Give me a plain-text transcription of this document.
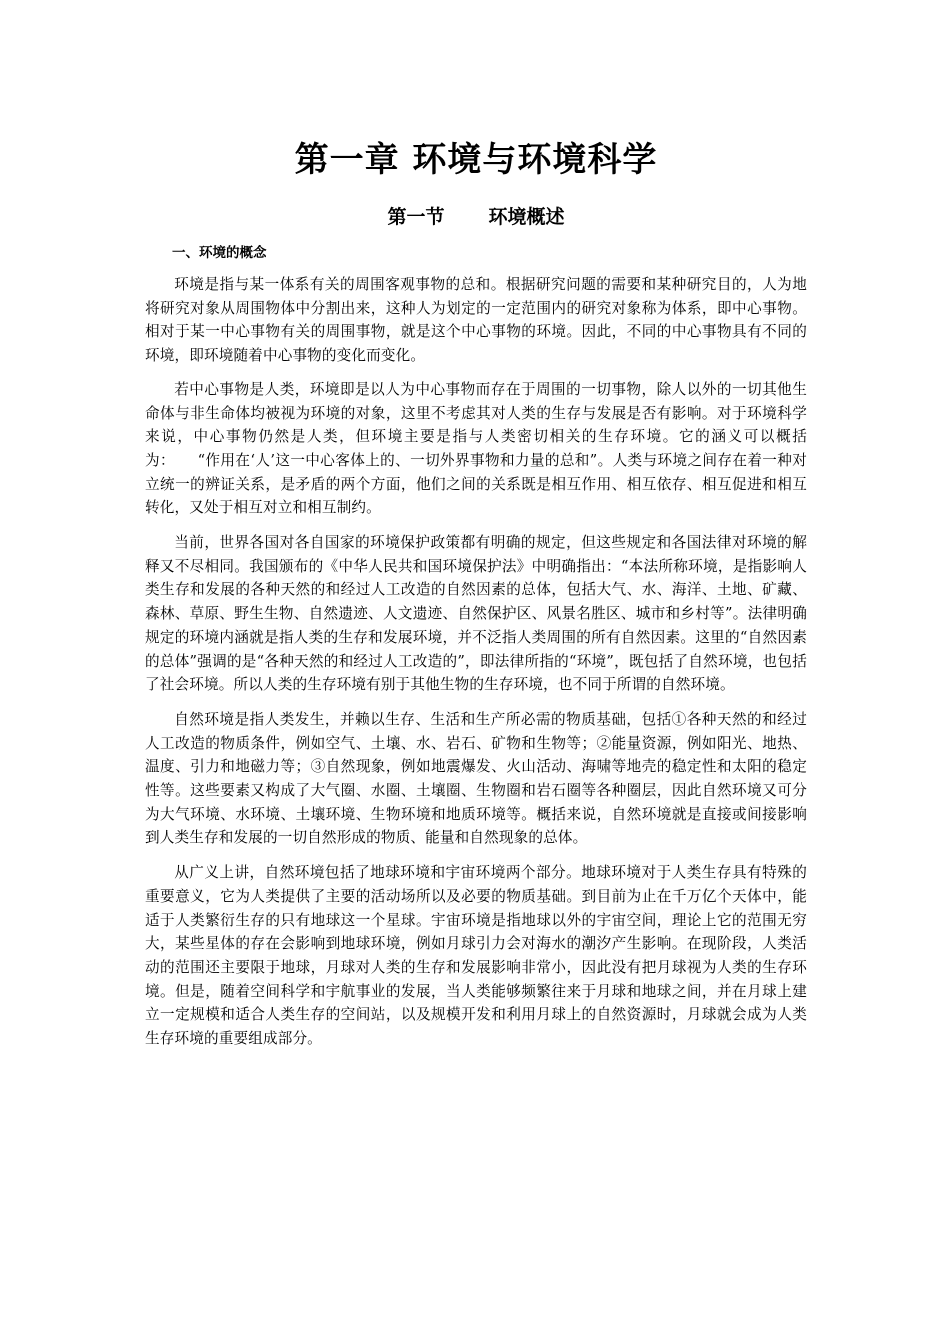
第一章 环境与环境科学
第一节 环境概述
一、环境的概念

环境是指与某一体系有关的周围客观事物的总和。根据研究问题的需要和某种研究目的，人为地将研究对象从周围物体中分割出来，这种人为划定的一定范围内的研究对象称为体系，即中心事物。相对于某一中心事物有关的周围事物，就是这个中心事物的环境。因此，不同的中心事物具有不同的环境，即环境随着中心事物的变化而变化。

若中心事物是人类，环境即是以人为中心事物而存在于周围的一切事物，除人以外的一切其他生命体与非生命体均被视为环境的对象，这里不考虑其对人类的生存与发展是否有影响。对于环境科学来说，中心事物仍然是人类，但环境主要是指与人类密切相关的生存环境。它的涵义可以概括为：　　“作用在‘人’这一中心客体上的、一切外界事物和力量的总和”。人类与环境之间存在着一种对立统一的辨证关系，是矛盾的两个方面，他们之间的关系既是相互作用、相互依存、相互促进和相互转化，又处于相互对立和相互制约。

当前，世界各国对各自国家的环境保护政策都有明确的规定，但这些规定和各国法律对环境的解释又不尽相同。我国颁布的《中华人民共和国环境保护法》中明确指出：“本法所称环境，是指影响人类生存和发展的各种天然的和经过人工改造的自然因素的总体，包括大气、水、海洋、土地、矿藏、森林、草原、野生生物、自然遗迹、人文遗迹、自然保护区、风景名胜区、城市和乡村等”。法律明确规定的环境内涵就是指人类的生存和发展环境，并不泛指人类周围的所有自然因素。这里的“自然因素的总体”强调的是“各种天然的和经过人工改造的”，即法律所指的“环境”，既包括了自然环境，也包括了社会环境。所以人类的生存环境有别于其他生物的生存环境，也不同于所谓的自然环境。

自然环境是指人类发生，并赖以生存、生活和生产所必需的物质基础，包括①各种天然的和经过人工改造的物质条件，例如空气、土壤、水、岩石、矿物和生物等；②能量资源，例如阳光、地热、温度、引力和地磁力等；③自然现象，例如地震爆发、火山活动、海啸等地壳的稳定性和太阳的稳定性等。这些要素又构成了大气圈、水圈、土壤圈、生物圈和岩石圈等各种圈层，因此自然环境又可分为大气环境、水环境、土壤环境、生物环境和地质环境等。概括来说，自然环境就是直接或间接影响到人类生存和发展的一切自然形成的物质、能量和自然现象的总体。

从广义上讲，自然环境包括了地球环境和宇宙环境两个部分。地球环境对于人类生存具有特殊的重要意义，它为人类提供了主要的活动场所以及必要的物质基础。到目前为止在千万亿个天体中，能适于人类繁衍生存的只有地球这一个星球。宇宙环境是指地球以外的宇宙空间，理论上它的范围无穷大，某些星体的存在会影响到地球环境，例如月球引力会对海水的潮汐产生影响。在现阶段，人类活动的范围还主要限于地球，月球对人类的生存和发展影响非常小，因此没有把月球视为人类的生存环境。但是，随着空间科学和宇航事业的发展，当人类能够频繁往来于月球和地球之间，并在月球上建立一定规模和适合人类生存的空间站，以及规模开发和利用月球上的自然资源时，月球就会成为人类生存环境的重要组成部分。
